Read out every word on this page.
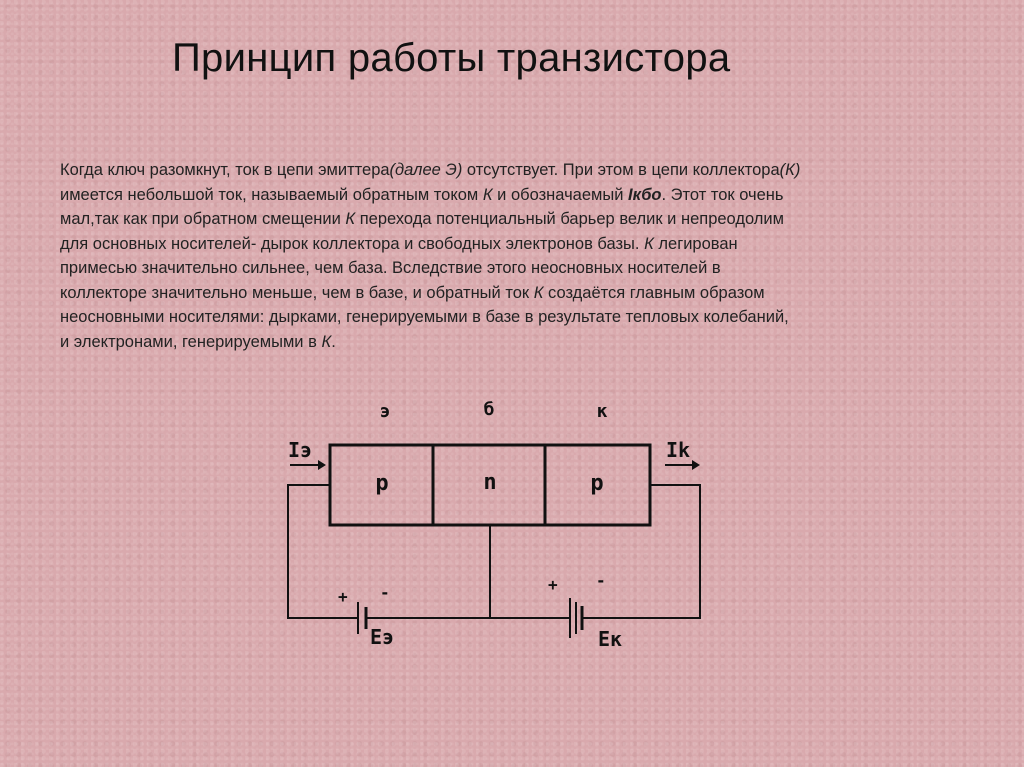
Принцип работы транзистора
Когда ключ разомкнут, ток в цепи эмиттера(далее Э) отсутствует. При этом в цепи коллектора(К)
имеется небольшой ток, называемый обратным током К и обозначаемый Iкбо. Этот ток очень
мал,так как при обратном смещении К перехода потенциальный барьер велик и непреодолим
для основных носителей- дырок коллектора и свободных электронов базы. К легирован
примесью значительно сильнее, чем база. Вследствие этого неосновных носителей в
коллекторе значительно меньше, чем в базе, и обратный ток К создаётся главным образом
неосновными носителями: дырками, генерируемыми в базе в результате тепловых колебаний,
и электронами, генерируемыми в К.
э	б	к
p	n	p
Iэ	Ik
+ -
Eэ
+ -
Eк
